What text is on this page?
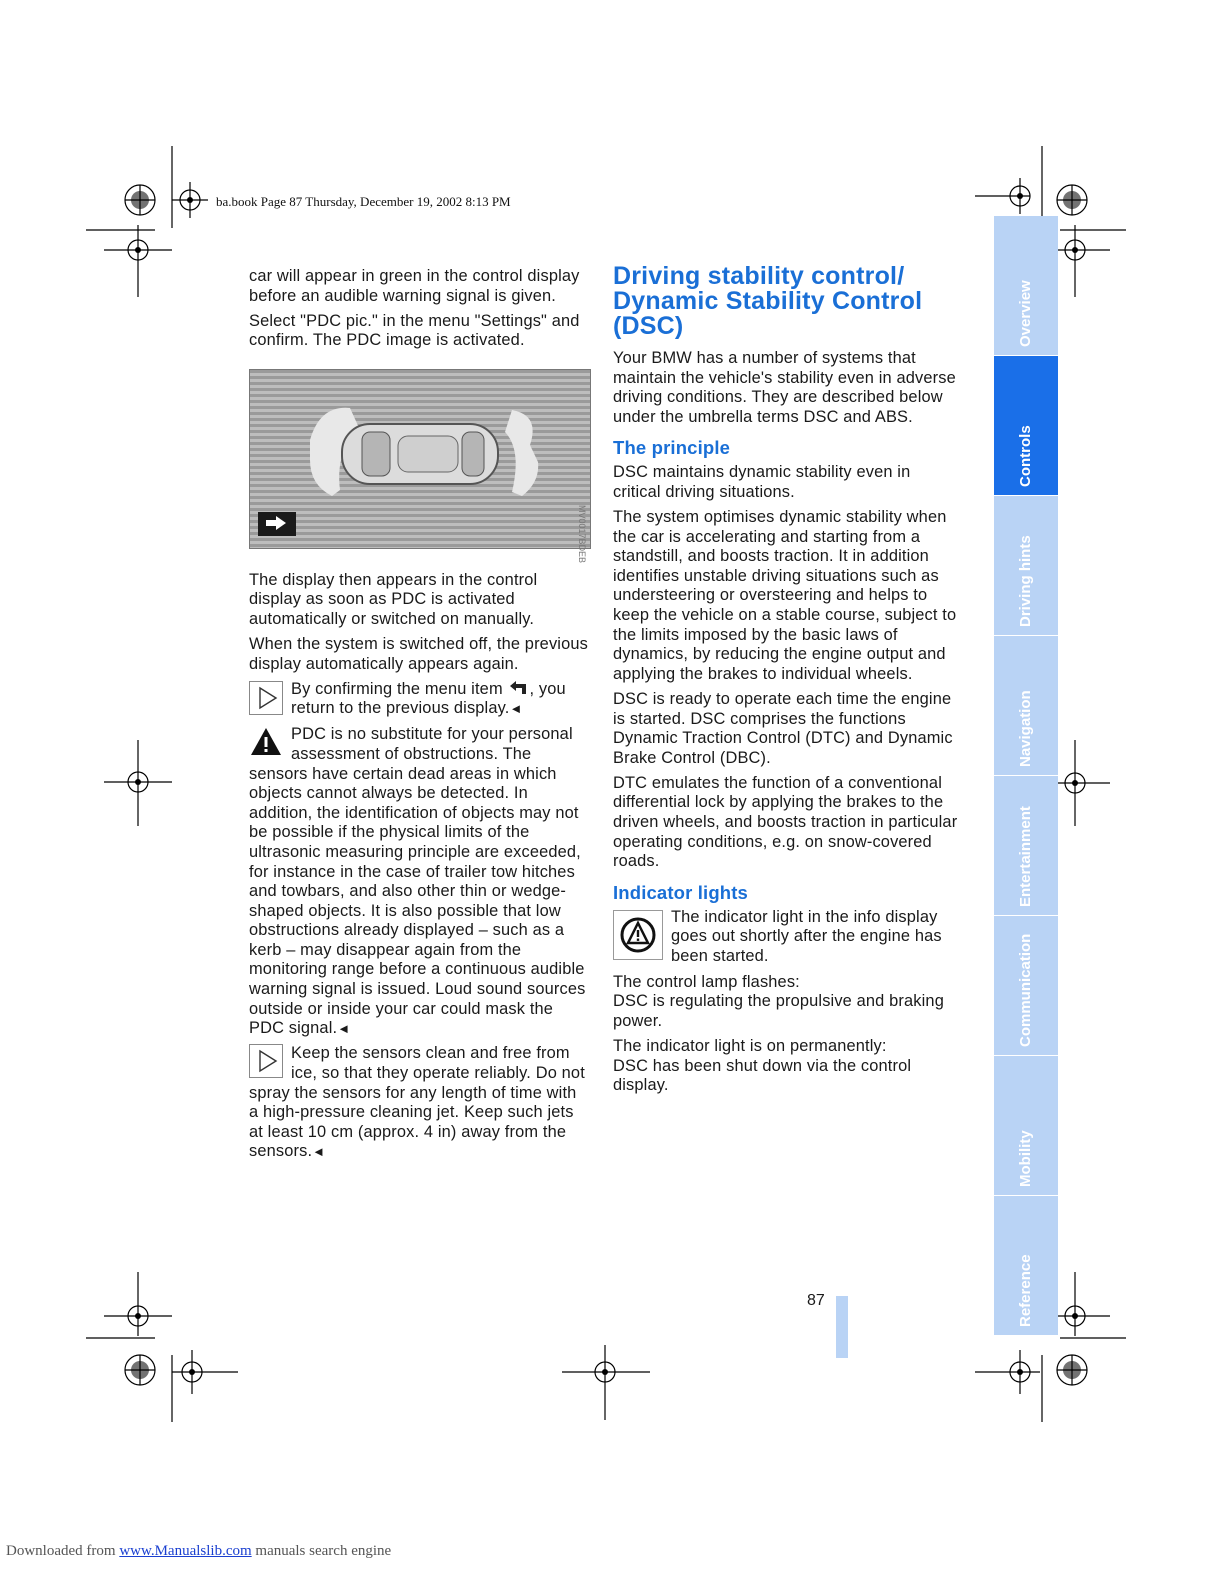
ba.book Page 87 Thursday, December 19, 2002 8:13 PM

car will appear in green in the control display before an audible warning signal is given.

Select "PDC pic." in the menu "Settings" and confirm. The PDC image is activated.

The display then appears in the control display as soon as PDC is activated automatically or switched on manually.

When the system is switched off, the previous display automatically appears again.

By confirming the menu item , you return to the previous display.◄
PDC is no substitute for your personal assessment of obstructions. The sensors have certain dead areas in which objects cannot always be detected. In addition, the identification of objects may not be possible if the physical limits of the ultrasonic measuring principle are exceeded, for instance in the case of trailer tow hitches and towbars, and also other thin or wedge-shaped objects. It is also possible that low obstructions already displayed – such as a kerb – may disappear again from the monitoring range before a continuous audible warning signal is issued. Loud sound sources outside or inside your car could mask the PDC signal.◄
Keep the sensors clean and free from ice, so that they operate reliably. Do not spray the sensors for any length of time with a high-pressure cleaning jet. Keep such jets at least 10 cm (approx. 4 in) away from the sensors.◄
MV0017BDEB
Driving stability control/ Dynamic Stability Control (DSC)

Your BMW has a number of systems that maintain the vehicle's stability even in adverse driving conditions. They are described below under the umbrella terms DSC and ABS.

The principle

DSC maintains dynamic stability even in critical driving situations.

The system optimises dynamic stability when the car is accelerating and starting from a standstill, and boosts traction. It in addition identifies unstable driving situations such as understeering or oversteering and helps to keep the vehicle on a stable course, subject to the limits imposed by the basic laws of dynamics, by reducing the engine output and applying the brakes to individual wheels.

DSC is ready to operate each time the engine is started. DSC comprises the functions Dynamic Traction Control (DTC) and Dynamic Brake Control (DBC).

DTC emulates the function of a conventional differential lock by applying the brakes to the driven wheels, and boosts traction in particular operating conditions, e.g. on snow-covered roads.

Indicator lights
The indicator light in the info display goes out shortly after the engine has been started.

The control lamp flashes:
DSC is regulating the propulsive and braking power.

The indicator light is on permanently:
DSC has been shut down via the control display.

87
Overview
Controls
Driving hints
Navigation
Entertainment
Communication
Mobility
Reference
Downloaded from www.Manualslib.com manuals search engine
